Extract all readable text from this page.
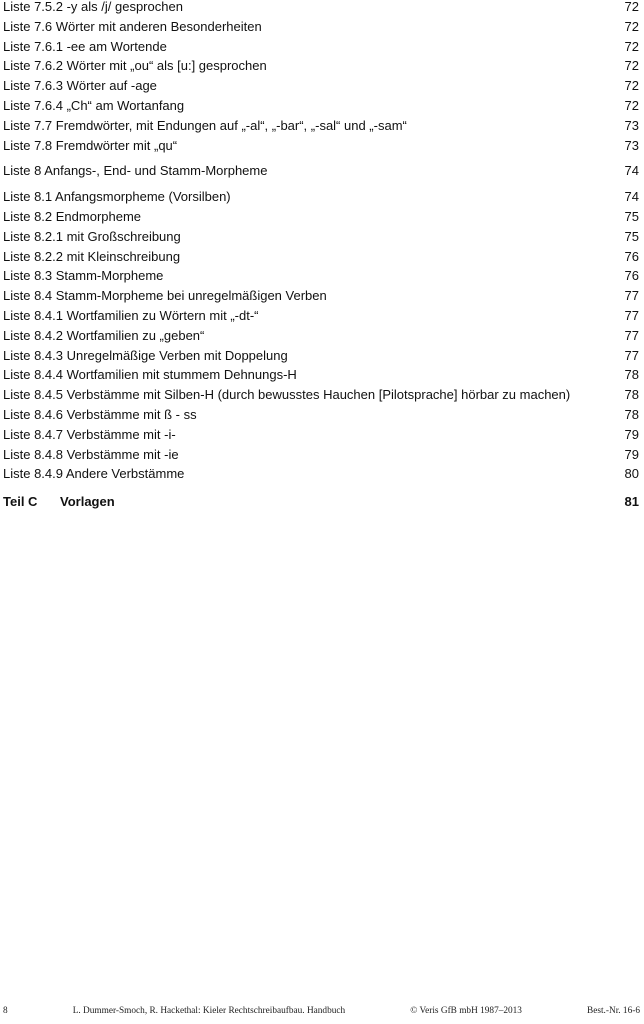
Liste 7.5.2 -y als /j/ gesprochen	72
Liste 7.6 Wörter mit anderen Besonderheiten	72
Liste 7.6.1 -ee am Wortende	72
Liste 7.6.2 Wörter mit „ou“ als [u:] gesprochen	72
Liste 7.6.3 Wörter auf -age	72
Liste 7.6.4 „Ch“ am Wortanfang	72
Liste 7.7 Fremdwörter, mit Endungen auf „-al“, „-bar“, „-sal“ und „-sam“	73
Liste 7.8 Fremdwörter mit „qu“	73
Liste 8 Anfangs-, End- und Stamm-Morpheme	74
Liste 8.1 Anfangsmorpheme (Vorsilben)	74
Liste 8.2 Endmorpheme	75
Liste 8.2.1 mit Großschreibung	75
Liste 8.2.2 mit Kleinschreibung	76
Liste 8.3 Stamm-Morpheme	76
Liste 8.4 Stamm-Morpheme bei unregelmäßigen Verben	77
Liste 8.4.1 Wortfamilien zu Wörtern mit „-dt-“	77
Liste 8.4.2 Wortfamilien zu „geben“	77
Liste 8.4.3 Unregelmäßige Verben mit Doppelung	77
Liste 8.4.4 Wortfamilien mit stummem Dehnungs-H	78
Liste 8.4.5 Verbstämme mit Silben-H (durch bewusstes Hauchen [Pilotsprache] hörbar zu machen)	78
Liste 8.4.6 Verbstämme mit ß - ss	78
Liste 8.4.7 Verbstämme mit -i-	79
Liste 8.4.8 Verbstämme mit -ie	79
Liste 8.4.9 Andere Verbstämme	80
Teil C Vorlagen	81
8	L. Dummer-Smoch, R. Hackethal: Kieler Rechtschreibaufbau. Handbuch	© Veris GfB mbH 1987–2013	Best.-Nr. 16-6
